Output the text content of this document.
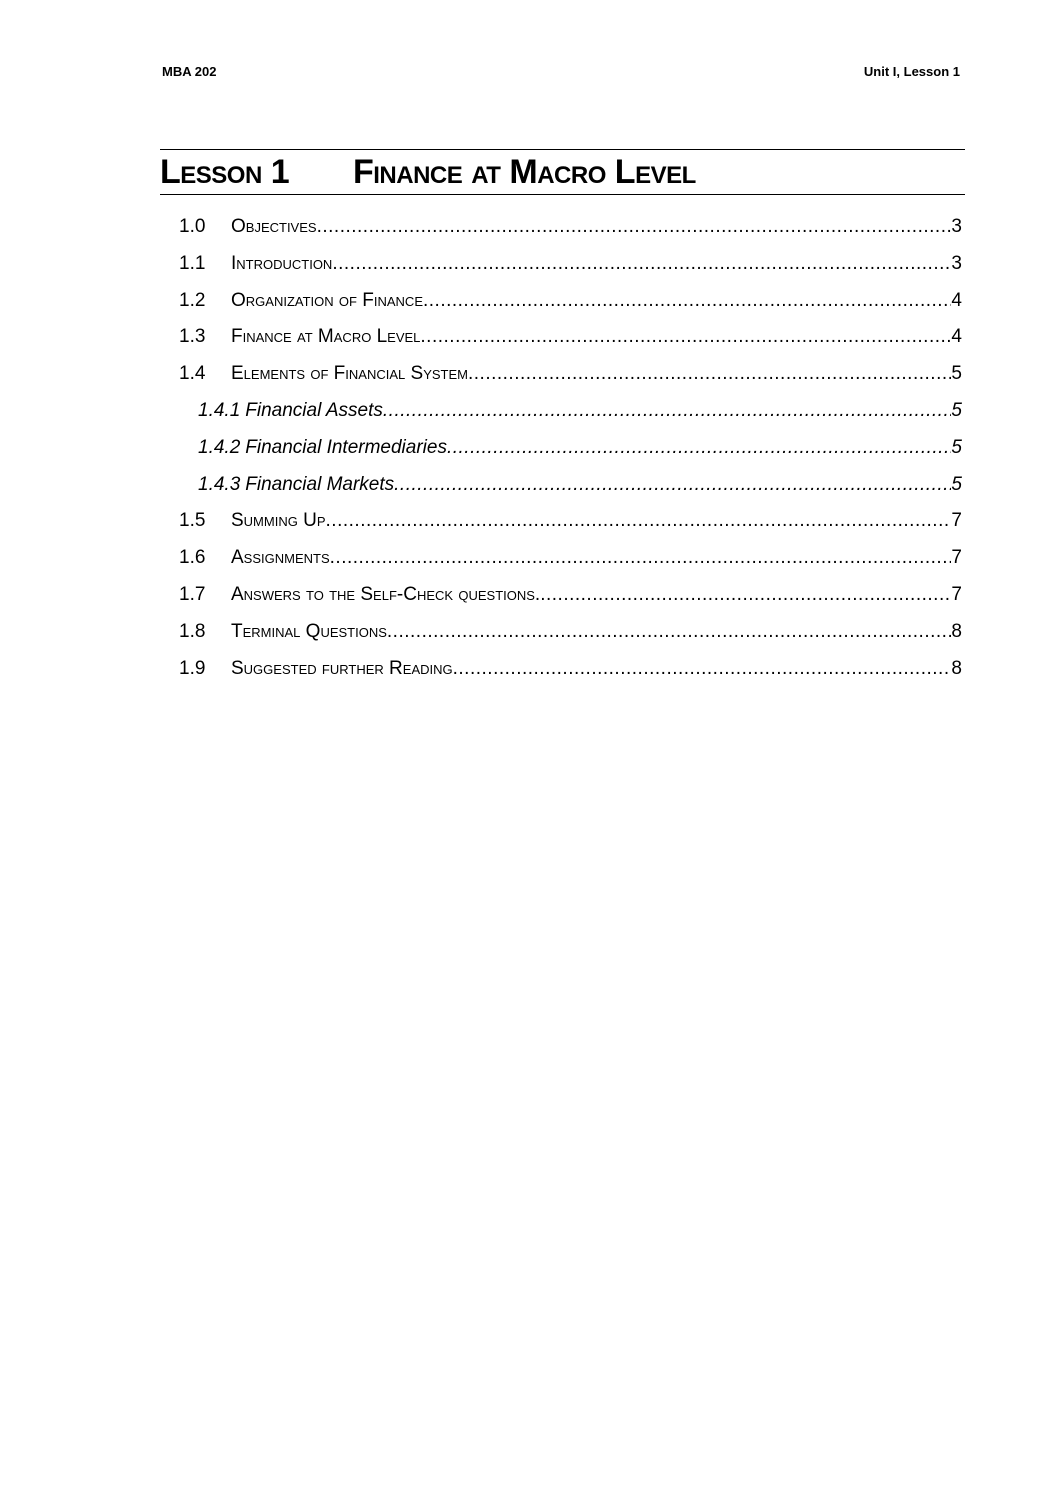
MBA 202	Unit I, Lesson 1
Lesson 1 Finance at Macro Level
1.0	Objectives .....	3
1.1	Introduction .....	3
1.2	Organization of Finance .....	4
1.3	Finance at Macro Level .....	4
1.4	Elements of Financial System .....	5
1.4.1 Financial Assets .....	5
1.4.2 Financial Intermediaries .....	5
1.4.3 Financial Markets .....	5
1.5	Summing Up .....	7
1.6	Assignments .....	7
1.7	Answers to the Self-Check questions. .....	7
1.8	Terminal Questions .....	8
1.9	Suggested further Reading .....	8
